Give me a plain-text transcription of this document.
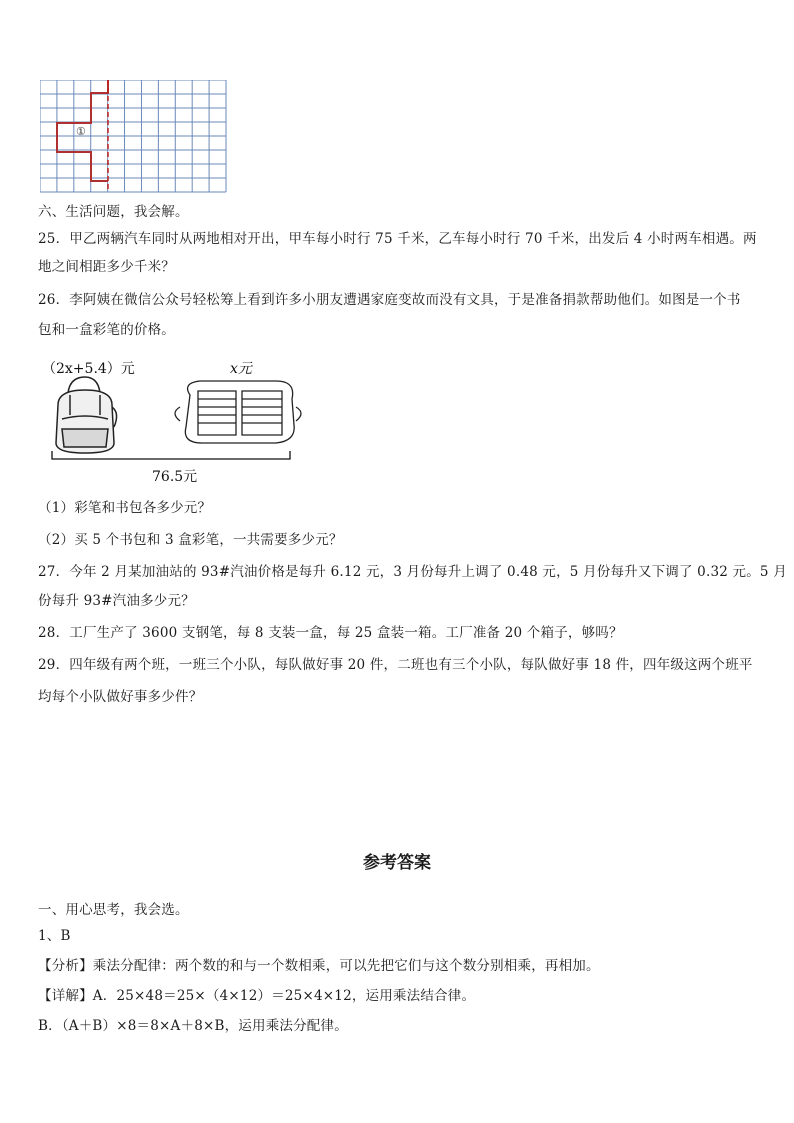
①
六、生活问题，我会解。
25．甲乙两辆汽车同时从两地相对开出，甲车每小时行 75 千米，乙车每小时行 70 千米，出发后 4 小时两车相遇。两
地之间相距多少千米？
26．李阿姨在微信公众号轻松筹上看到许多小朋友遭遇家庭变故而没有文具，于是准备捐款帮助他们。如图是一个书
包和一盒彩笔的价格。
（2x+5.4）元	x元
76.5元
（1）彩笔和书包各多少元？
（2）买 5 个书包和 3 盒彩笔，一共需要多少元？
27．今年 2 月某加油站的 93#汽油价格是每升 6.12 元，3 月份每升上调了 0.48 元，5 月份每升又下调了 0.32 元。5 月
份每升 93#汽油多少元？
28．工厂生产了 3600 支钢笔，每 8 支装一盒，每 25 盒装一箱。工厂准备 20 个箱子，够吗？
29．四年级有两个班，一班三个小队，每队做好事 20 件，二班也有三个小队，每队做好事 18 件，四年级这两个班平
均每个小队做好事多少件？
参考答案
一、用心思考，我会选。
1、B
【分析】乘法分配律：两个数的和与一个数相乘，可以先把它们与这个数分别相乘，再相加。
【详解】A．25×48＝25×（4×12）＝25×4×12，运用乘法结合律。
B．（A＋B）×8＝8×A＋8×B，运用乘法分配律。
